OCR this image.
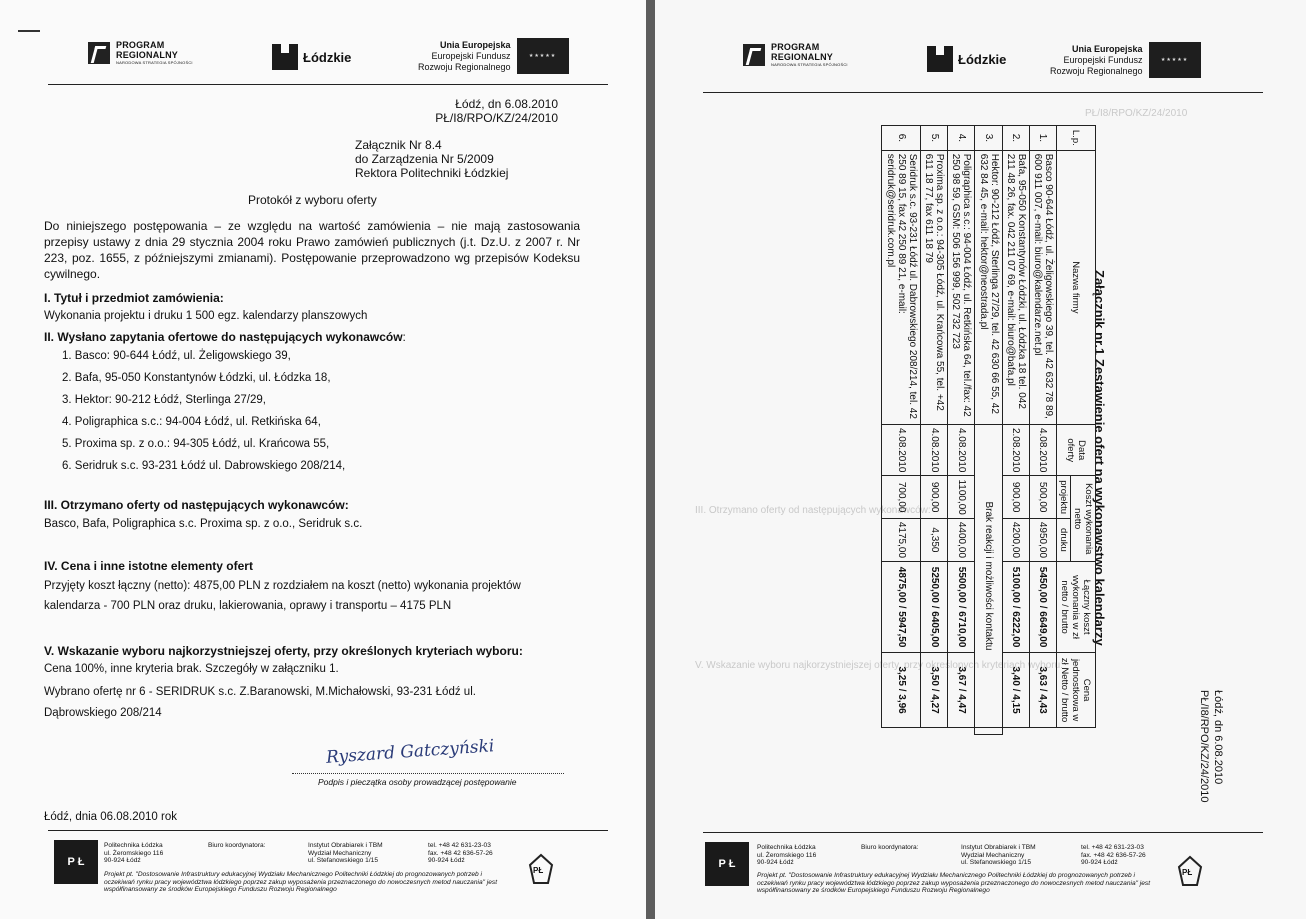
PROGRAM
REGIONALNY
NARODOWA STRATEGIA SPÓJNOŚCI	Łódzkie
Unia Europejska
Europejski Fundusz
Rozwoju Regionalnego
★★★★★
Łódź, dn 6.08.2010
PŁ/I8/RPO/KZ/24/2010
Załącznik Nr 8.4
do Zarządzenia Nr 5/2009
Rektora Politechniki Łódzkiej
Protokół z wyboru oferty
Do niniejszego postępowania – ze względu na wartość zamówienia – nie mają zastosowania przepisy ustawy z dnia 29 stycznia 2004 roku Prawo zamówień publicznych (j.t. Dz.U. z 2007 r. Nr 223, poz. 1655, z późniejszymi zmianami). Postępowanie przeprowadzono wg przepisów Kodeksu cywilnego.
I. Tytuł i przedmiot zamówienia:
Wykonania projektu i druku 1 500 egz. kalendarzy planszowych
II. Wysłano zapytania ofertowe do następujących wykonawców:
1. Basco: 90-644 Łódź, ul. Żeligowskiego 39,
2. Bafa, 95-050 Konstantynów Łódzki, ul. Łódzka 18,
3. Hektor: 90-212 Łódź, Sterlinga 27/29,
4. Poligraphica s.c.: 94-004 Łódź, ul. Retkińska 64,
5. Proxima sp. z o.o.: 94-305 Łódź, ul. Krańcowa 55,
6. Seridruk s.c. 93-231 Łódź ul. Dabrowskiego 208/214,
III. Otrzymano oferty od następujących wykonawców:
Basco, Bafa, Poligraphica s.c. Proxima sp. z o.o., Seridruk s.c.
IV. Cena i inne istotne elementy ofert
Przyjęty koszt łączny (netto): 4875,00 PLN z rozdziałem na koszt (netto) wykonania projektów
kalendarza - 700 PLN oraz druku, lakierowania, oprawy i transportu – 4175 PLN
V. Wskazanie wyboru najkorzystniejszej oferty, przy określonych kryteriach wyboru:
Cena 100%, inne kryteria brak. Szczegóły w załączniku 1.
Wybrano ofertę nr 6 - SERIDRUK s.c. Z.Baranowski, M.Michałowski, 93-231 Łódź ul.
Dąbrowskiego 208/214
Ryszard Gatczyński
Podpis i pieczątka osoby prowadzącej postępowanie
Łódź, dnia 06.08.2010 rok
P Ł
Politechnika Łódzka
ul. Żeromskiego 116
90-924 Łódź
Biuro koordynatora:	Instytut Obrabiarek i TBM
Wydział Mechaniczny
ul. Stefanowskiego 1/15
tel. +48 42 631-23-03
fax. +48 42 636-57-26
90-924 Łódź
Projekt pt. "Dostosowanie Infrastruktury edukacyjnej Wydziału Mechanicznego Politechniki Łódzkiej do prognozowanych potrzeb i oczekiwań rynku pracy województwa łódzkiego poprzez zakup wyposażenia przeznaczonego do nowoczesnych metod nauczania" jest współfinansowany ze środków Europejskiego Funduszu Rozwoju Regionalnego
PŁ
PROGRAM
REGIONALNY
NARODOWA STRATEGIA SPÓJNOŚCI	Łódzkie
Unia Europejska
Europejski Fundusz
Rozwoju Regionalnego
★★★★★
PŁ/I8/RPO/KZ/24/2010
III. Otrzymano oferty od następujących wykonawców:
V. Wskazanie wyboru najkorzystniejszej oferty, przy określonych kryteriach wyboru:
P Ł
Politechnika Łódzka
ul. Żeromskiego 116
90-924 Łódź
Biuro koordynatora:	Instytut Obrabiarek i TBM
Wydział Mechaniczny
ul. Stefanowskiego 1/15
tel. +48 42 631-23-03
fax. +48 42 636-57-26
90-924 Łódź
Projekt pt. "Dostosowanie Infrastruktury edukacyjnej Wydziału Mechanicznego Politechniki Łódzkiej do prognozowanych potrzeb i oczekiwań rynku pracy województwa łódzkiego poprzez zakup wyposażenia przeznaczonego do nowoczesnych metod nauczania" jest współfinansowany ze środków Europejskiego Funduszu Rozwoju Regionalnego
PŁ
Załącznik nr.1 Zestawienie ofert na wykonawstwo kalendarzy
Łódź, dn 6.08.2010
PŁ/I8/RPO/KZ/24/2010
L.p.	Nazwa firmy	Data oferty	Koszt wykonania netto		Łączny koszt wykonania w zł netto / brutto	Cena jednostkowa w zł Netto / brutto	
			projektu	druku			
1.	Basco 90-644 Łódź, ul. Żeligowskiego 39, tel. 42 632 78 89, 600 911 007, e-mail: biuro@kalendarze.net.pl	4.08.2010	500,00	4950,00	5450,00 / 6649,00	3,63 / 4,43	
2.	Bafa, 95-050 Konstantynów Łódzki, ul. Łódzka 18 tel. 042 211 48 26, fax. 042 211 07 69, e-mail: biuro@bafa.pl	2.08.2010	900,00	4200,00	5100,00 / 6222,00	3,40 / 4,15	
3.	Hektor: 90-212 Łódź, Sterlinga 27/29, tel. 42 630 66 55, 42 632 84 45, e-mail: hektor@neostrada.pl	Brak reakcji i możliwości kontaktu					
4.	Poligraphica s.c.: 94-004 Łódź, ul. Retkińska 64, tel./fax: 42 250 98 59, GSM: 506 156 999, 502 732 723	4.08.2010	1100,00	4400,00	5500,00 / 6710,00	3,67 / 4,47	
5.	Proxima sp. z o.o.: 94-305 Łódź, ul. Krańcowa 55, tel. +42 611 18 77, fax 611 18 79	4.08.2010	900,00	4,350	5250,00 / 6405,00	3,50 / 4,27	
6.	Seridruk s.c. 93-231 Łódź ul. Dabrowskiego 208/214, tel. 42 250 89 15, fax 42 250 89 21, e-mail: seridruk@seridruk.com.pl	4.08.2010	700,00	4175,00	4875,00 / 5947,50	3,25 / 3,96	
